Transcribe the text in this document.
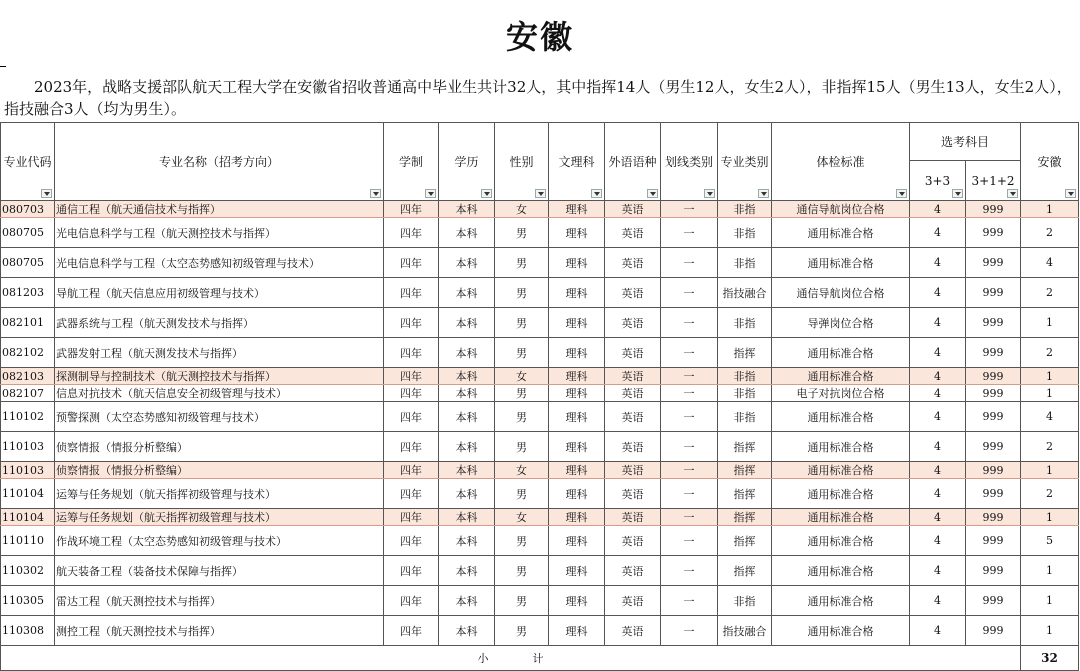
安徽
2023年，战略支援部队航天工程大学在安徽省招收普通高中毕业生共计32人，其中指挥14人（男生12人，女生2人），非指挥15人（男生13人，女生2人），指技融合3人（均为男生）。
专业代码	专业名称（招考方向）	学制	学历	性别	文理科	外语语种	划线类别	专业类别	体检标准	选考科目		安徽

										3+3	3+1+2	

080703	通信工程（航天通信技术与指挥）	四年	本科	女	理科	英语	一	非指	通信导航岗位合格	4	999	1
080705	光电信息科学与工程（航天测控技术与指挥）	四年	本科	男	理科	英语	一	非指	通用标准合格	4	999	2
080705	光电信息科学与工程（太空态势感知初级管理与技术）	四年	本科	男	理科	英语	一	非指	通用标准合格	4	999	4
081203	导航工程（航天信息应用初级管理与技术）	四年	本科	男	理科	英语	一	指技融合	通信导航岗位合格	4	999	2
082101	武器系统与工程（航天测发技术与指挥）	四年	本科	男	理科	英语	一	非指	导弹岗位合格	4	999	1
082102	武器发射工程（航天测发技术与指挥）	四年	本科	男	理科	英语	一	指挥	通用标准合格	4	999	2
082103	探测制导与控制技术（航天测控技术与指挥）	四年	本科	女	理科	英语	一	非指	通用标准合格	4	999	1
082107	信息对抗技术（航天信息安全初级管理与技术）	四年	本科	男	理科	英语	一	非指	电子对抗岗位合格	4	999	1
110102	预警探测（太空态势感知初级管理与技术）	四年	本科	男	理科	英语	一	非指	通用标准合格	4	999	4
110103	侦察情报（情报分析整编）	四年	本科	男	理科	英语	一	指挥	通用标准合格	4	999	2
110103	侦察情报（情报分析整编）	四年	本科	女	理科	英语	一	指挥	通用标准合格	4	999	1
110104	运筹与任务规划（航天指挥初级管理与技术）	四年	本科	男	理科	英语	一	指挥	通用标准合格	4	999	2
110104	运筹与任务规划（航天指挥初级管理与技术）	四年	本科	女	理科	英语	一	指挥	通用标准合格	4	999	1
110110	作战环境工程（太空态势感知初级管理与技术）	四年	本科	男	理科	英语	一	指挥	通用标准合格	4	999	5
110302	航天装备工程（装备技术保障与指挥）	四年	本科	男	理科	英语	一	指挥	通用标准合格	4	999	1
110305	雷达工程（航天测控技术与指挥）	四年	本科	男	理科	英语	一	非指	通用标准合格	4	999	1
110308	测控工程（航天测控技术与指挥）	四年	本科	男	理科	英语	一	指技融合	通用标准合格	4	999	1
小　　　　计												32
